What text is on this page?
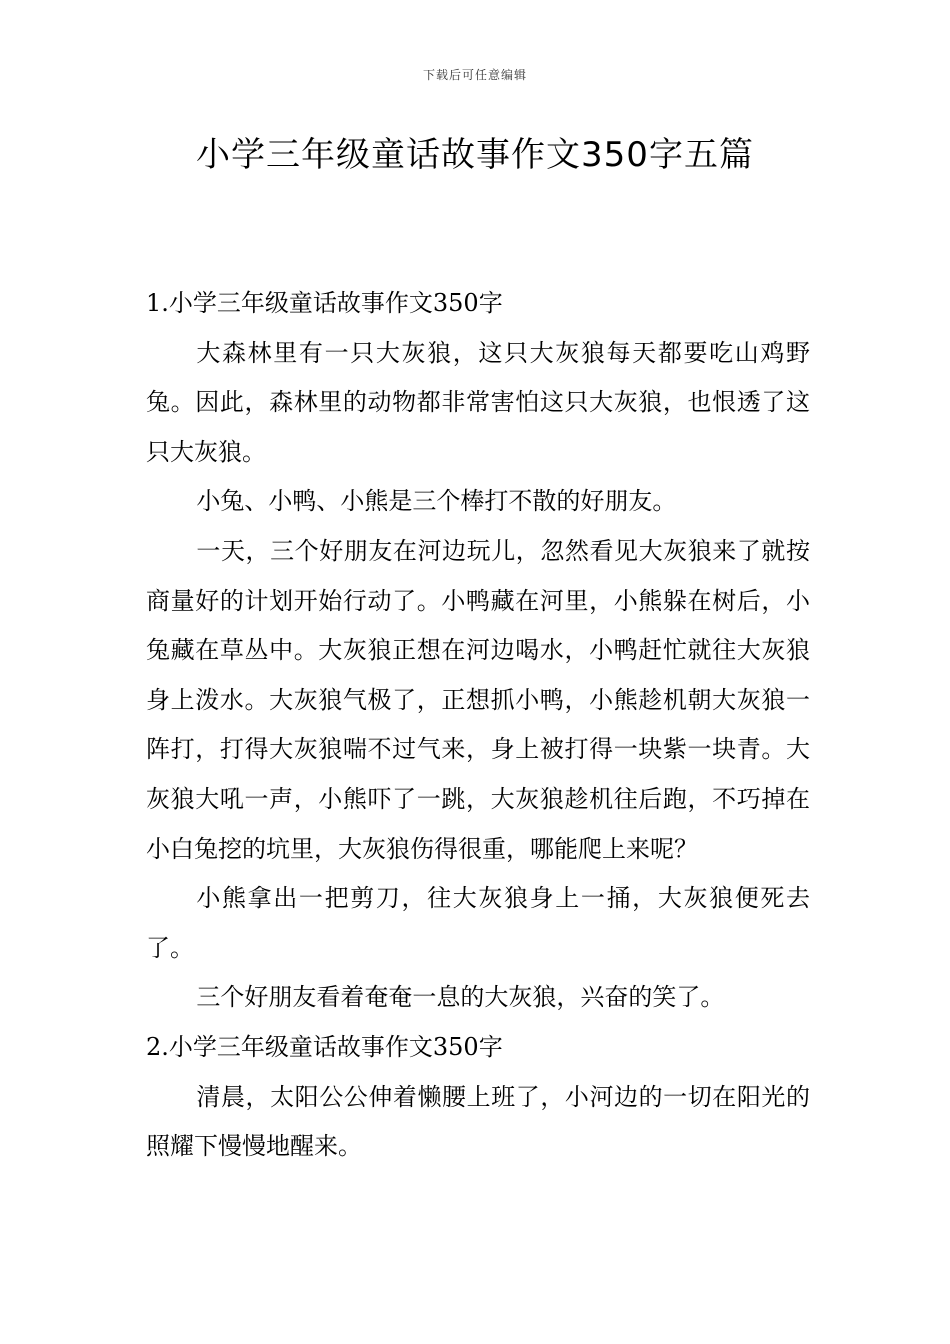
下载后可任意编辑
小学三年级童话故事作文350字五篇

1.小学三年级童话故事作文350字

大森林里有一只大灰狼，这只大灰狼每天都要吃山鸡野兔。因此，森林里的动物都非常害怕这只大灰狼，也恨透了这只大灰狼。

小兔、小鸭、小熊是三个棒打不散的好朋友。

一天，三个好朋友在河边玩儿，忽然看见大灰狼来了就按商量好的计划开始行动了。小鸭藏在河里，小熊躲在树后，小兔藏在草丛中。大灰狼正想在河边喝水，小鸭赶忙就往大灰狼身上泼水。大灰狼气极了，正想抓小鸭，小熊趁机朝大灰狼一阵打，打得大灰狼喘不过气来，身上被打得一块紫一块青。大灰狼大吼一声，小熊吓了一跳，大灰狼趁机往后跑，不巧掉在小白兔挖的坑里，大灰狼伤得很重，哪能爬上来呢？

小熊拿出一把剪刀，往大灰狼身上一捅，大灰狼便死去了。

三个好朋友看着奄奄一息的大灰狼，兴奋的笑了。

2.小学三年级童话故事作文350字

清晨，太阳公公伸着懒腰上班了，小河边的一切在阳光的照耀下慢慢地醒来。
